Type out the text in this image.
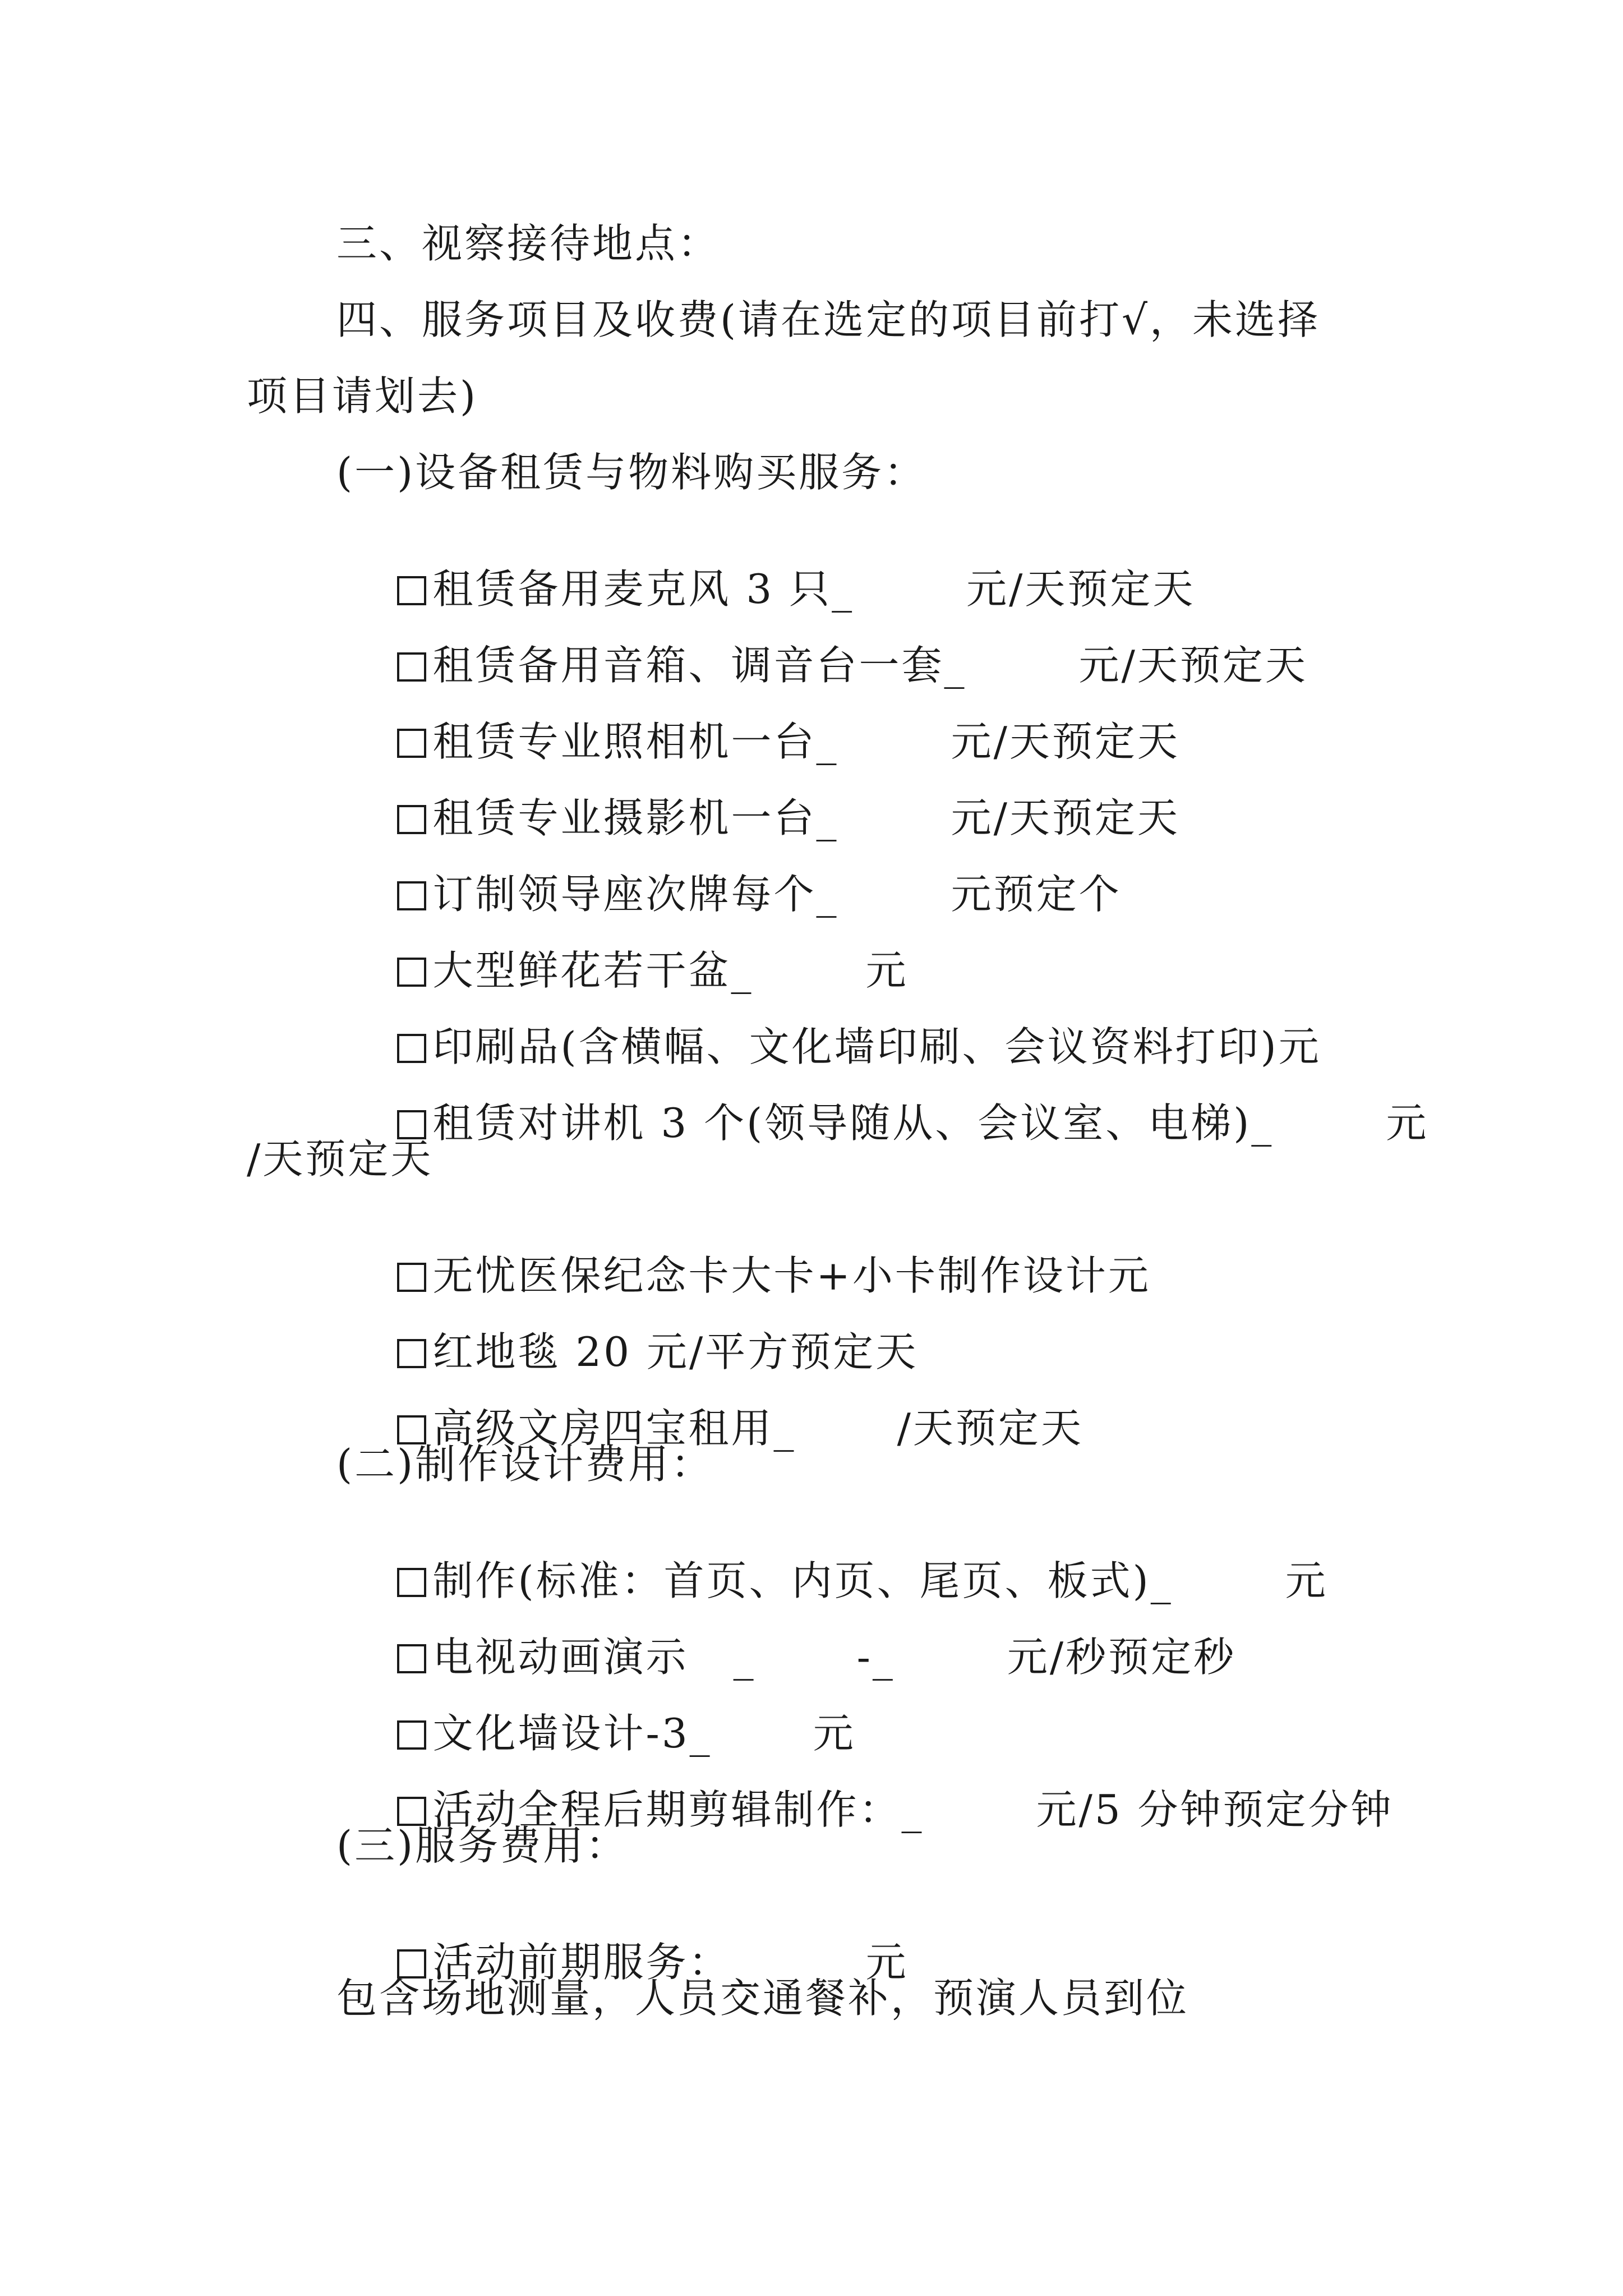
三、视察接待地点：
四、服务项目及收费(请在选定的项目前打√，未选择
项目请划去)
(一)设备租赁与物料购买服务：

租赁备用麦克风 3 只_	元/天预定天

租赁备用音箱、调音台一套_	元/天预定天

租赁专业照相机一台_	元/天预定天

租赁专业摄影机一台_	元/天预定天

订制领导座次牌每个_	元预定个

大型鲜花若干盆_	元

印刷品(含横幅、文化墙印刷、会议资料打印)元

租赁对讲机 3 个(领导随从、会议室、电梯)_	元

/天预定天

无忧医保纪念卡大卡+小卡制作设计元

红地毯 20 元/平方预定天

高级文房四宝租用_	/天预定天

(二)制作设计费用：

制作(标准：首页、内页、尾页、板式)_	元

电视动画演示 _	-_	元/秒预定秒

文化墙设计-3_	元

活动全程后期剪辑制作：_	元/5 分钟预定分钟

(三)服务费用：

活动前期服务：_	元

包含场地测量，人员交通餐补，预演人员到位
